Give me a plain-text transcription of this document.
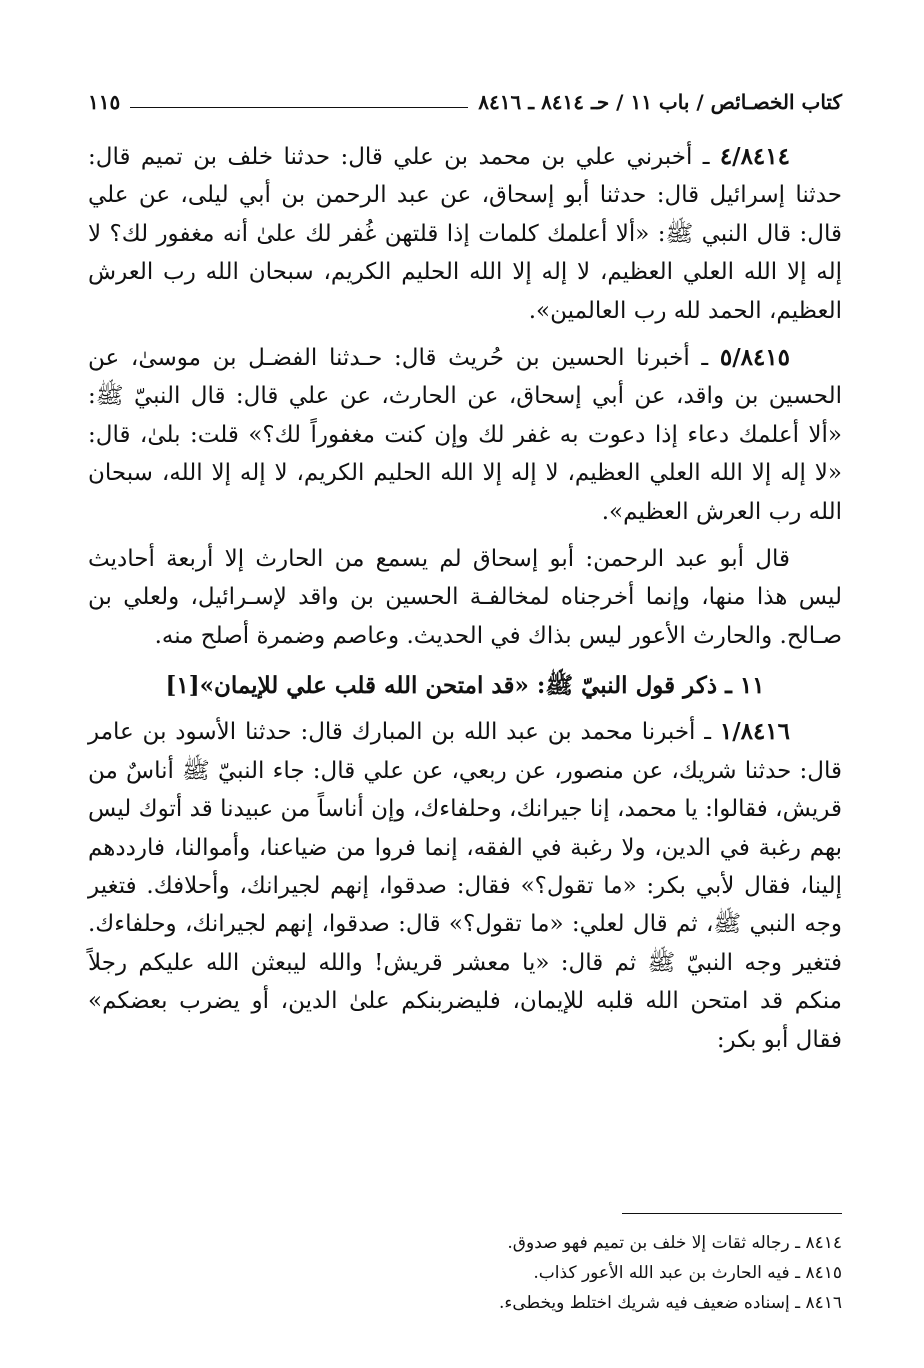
كتاب الخصـائص / باب ١١ / حـ ٨٤١٤ ـ ٨٤١٦
١١٥

٤/٨٤١٤ ـ أخبرني علي بن محمد بن علي قال: حدثنا خلف بن تميم قال: حدثنا إسرائيل قال: حدثنا أبو إسحاق، عن عبد الرحمن بن أبي ليلى، عن علي قال: قال النبي ﷺ: «ألا أعلمك كلمات إذا قلتهن غُفر لك علىٰ أنه مغفور لك؟ لا إله إلا الله العلي العظيم، لا إله إلا الله الحليم الكريم، سبحان الله رب العرش العظيم، الحمد لله رب العالمين».

٥/٨٤١٥ ـ أخبرنا الحسين بن حُريث قال: حـدثنا الفضـل بن موسىٰ، عن الحسين بن واقد، عن أبي إسحاق، عن الحارث، عن علي قال: قال النبيّ ﷺ: «ألا أعلمك دعاء إذا دعوت به غفر لك وإن كنت مغفوراً لك؟» قلت: بلىٰ، قال: «لا إله إلا الله العلي العظيم، لا إله إلا الله الحليم الكريم، لا إله إلا الله، سبحان الله رب العرش العظيم».

قال أبو عبد الرحمن: أبو إسحاق لم يسمع من الحارث إلا أربعة أحاديث ليس هذا منها، وإنما أخرجناه لمخالفـة الحسين بن واقد لإسـرائيل، ولعلي بن صـالح. والحارث الأعور ليس بذاك في الحديث. وعاصم وضمرة أصلح منه.

١١ ـ ذكر قول النبيّ ﷺ: «قد امتحن الله قلب علي للإيمان»[١]

١/٨٤١٦ ـ أخبرنا محمد بن عبد الله بن المبارك قال: حدثنا الأسود بن عامر قال: حدثنا شريك، عن منصور، عن ربعي، عن علي قال: جاء النبيّ ﷺ أناسٌ من قريش، فقالوا: يا محمد، إنا جيرانك، وحلفاءك، وإن أناساً من عبيدنا قد أتوك ليس بهم رغبة في الدين، ولا رغبة في الفقه، إنما فروا من ضياعنا، وأموالنا، فارددهم إلينا، فقال لأبي بكر: «ما تقول؟» فقال: صدقوا، إنهم لجيرانك، وأحلافك. فتغير وجه النبي ﷺ، ثم قال لعلي: «ما تقول؟» قال: صدقوا، إنهم لجيرانك، وحلفاءك. فتغير وجه النبيّ ﷺ ثم قال: «يا معشر قريش! والله ليبعثن الله عليكم رجلاً منكم قد امتحن الله قلبه للإيمان، فليضربنكم علىٰ الدين، أو يضرب بعضكم» فقال أبو بكر:

٨٤١٤ ـ رجاله ثقات إلا خلف بن تميم فهو صدوق.
٨٤١٥ ـ فيه الحارث بن عبد الله الأعور كذاب.
٨٤١٦ ـ إسناده ضعيف فيه شريك اختلط ويخطىء.
